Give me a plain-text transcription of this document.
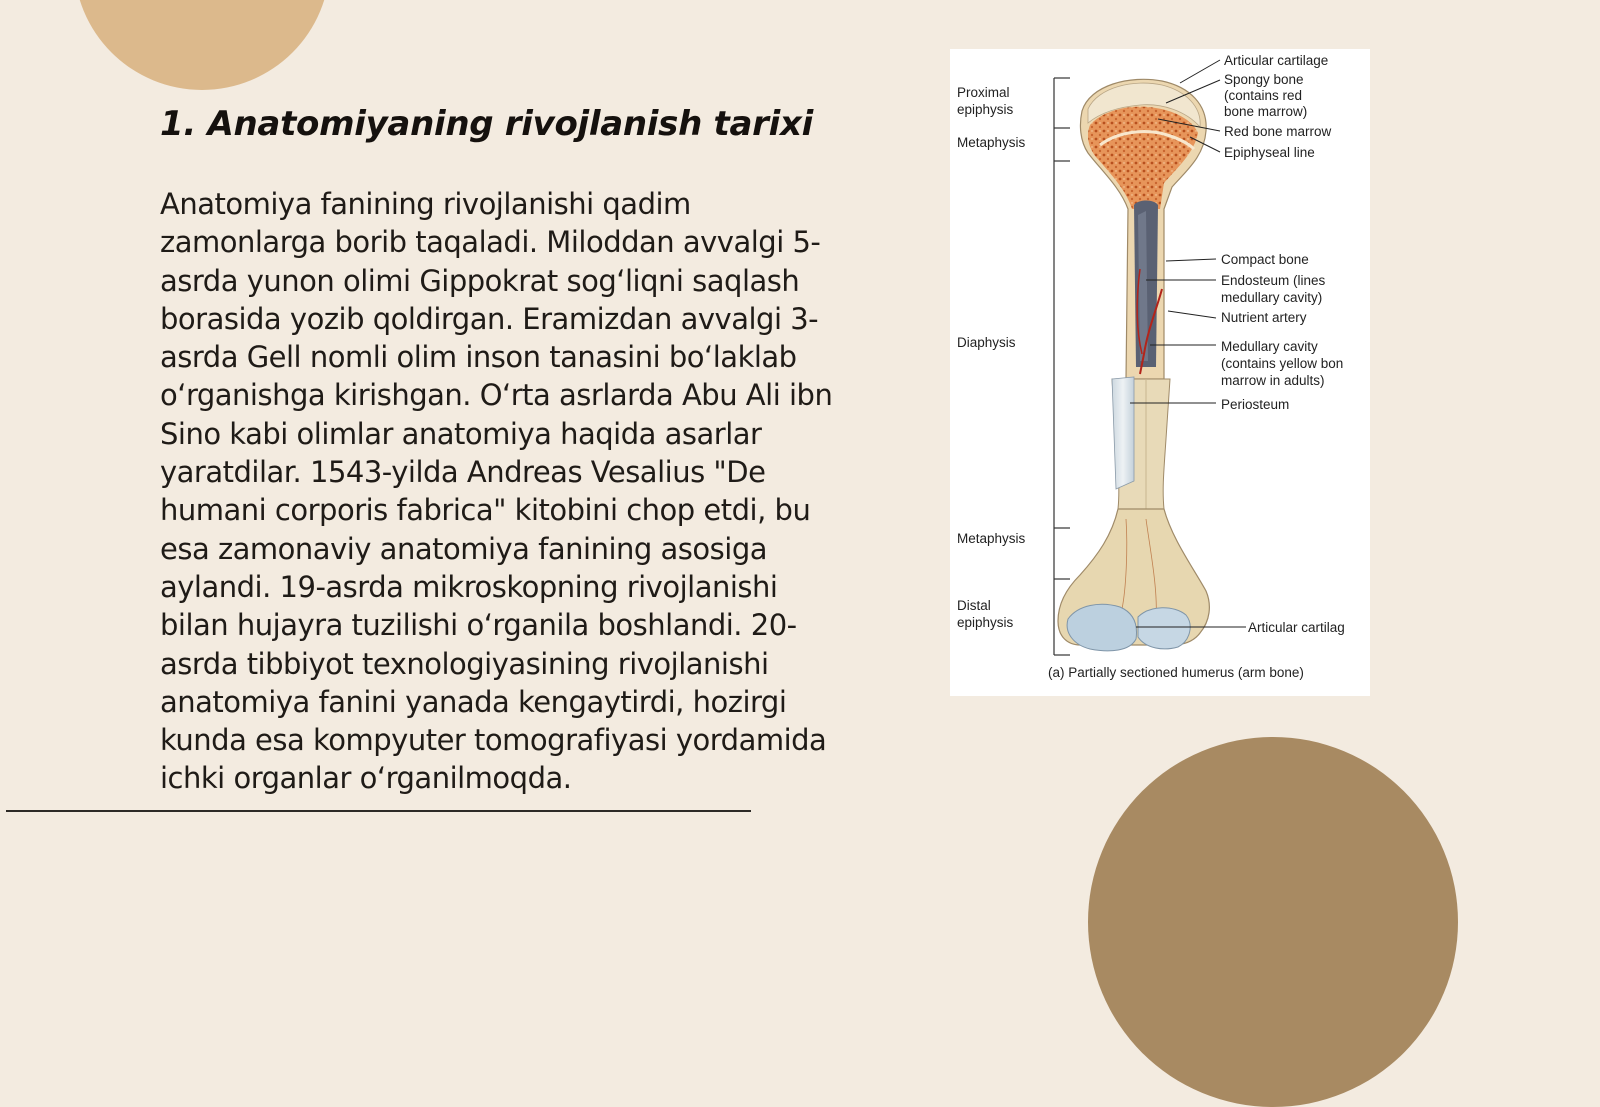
1. Anatomiyaning rivojlanish tarixi

Anatomiya fanining rivojlanishi qadim zamonlarga borib taqaladi. Miloddan avvalgi 5-asrda yunon olimi Gippokrat sog‘liqni saqlash borasida yozib qoldirgan. Eramizdan avvalgi 3-asrda Gell nomli olim inson tanasini bo‘laklab o‘rganishga kirishgan. O‘rta asrlarda Abu Ali ibn Sino kabi olimlar anatomiya haqida asarlar yaratdilar. 1543-yilda Andreas Vesalius "De humani corporis fabrica" kitobini chop etdi, bu esa zamonaviy anatomiya fanining asosiga aylandi. 19-asrda mikroskopning rivojlanishi bilan hujayra tuzilishi o‘rganila boshlandi. 20-asrda tibbiyot texnologiyasining rivojlanishi anatomiya fanini yanada kengaytirdi, hozirgi kunda esa kompyuter tomografiyasi yordamida ichki organlar o‘rganilmoqda.

Proximal
epiphysis
Metaphysis
Diaphysis
Metaphysis
Distal
epiphysis
Articular cartilage
Spongy bone
(contains red
bone marrow)
Red bone marrow
Epiphyseal line
Compact bone
Endosteum (lines
medullary cavity)
Nutrient artery
Medullary cavity
(contains yellow bon
marrow in adults)
Periosteum
Articular cartilag
(a) Partially sectioned humerus (arm bone)
